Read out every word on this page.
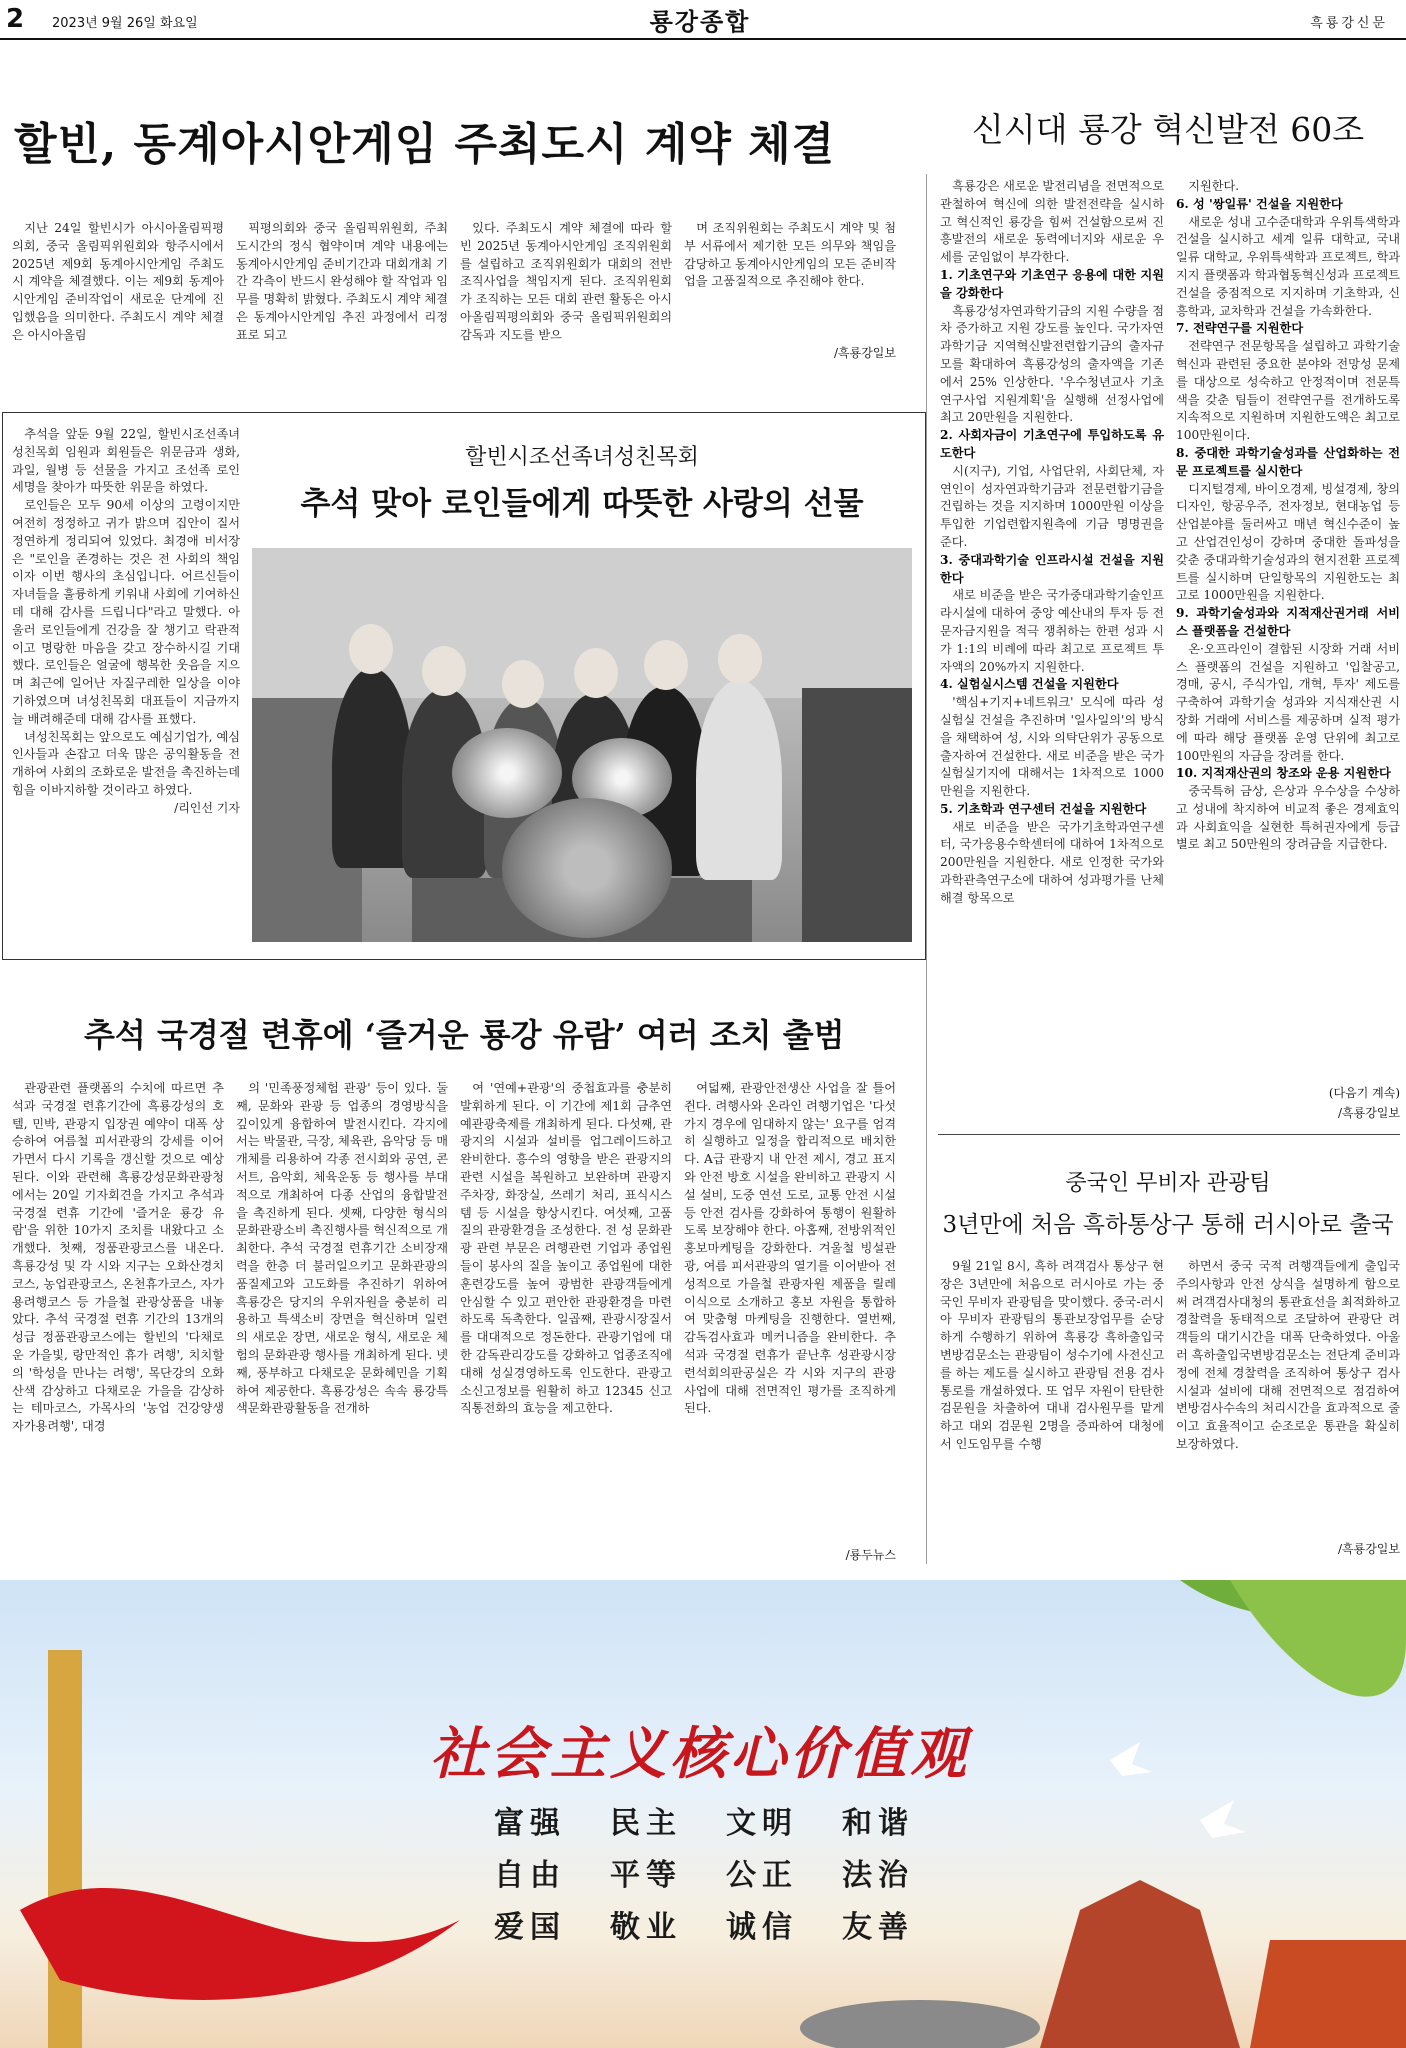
2 2023년 9월 26일 화요일	룡강종합	흑룡강신문
할빈, 동계아시안게임 주최도시 계약 체결

지난 24일 할빈시가 아시아올림픽평의회, 중국 올림픽위원회와 항주시에서 2025년 제9회 동계아시안게임 주최도시 계약을 체결했다. 이는 제9회 동계아시안게임 준비작업이 새로운 단계에 진입했음을 의미한다. 주최도시 계약 체결은 아시아올림

픽평의회와 중국 올림픽위원회, 주최도시간의 정식 협약이며 계약 내용에는 동계아시안게임 준비기간과 대회개최 기간 각측이 반드시 완성해야 할 작업과 임무를 명확히 밝혔다. 주최도시 계약 체결은 동계아시안게임 추진 과정에서 리정표로 되고

있다. 주최도시 계약 체결에 따라 할빈 2025년 동계아시안게임 조직위원회를 설립하고 조직위원회가 대회의 전반 조직사업을 책임지게 된다. 조직위원회가 조직하는 모든 대회 관련 활동은 아시아올림픽평의회와 중국 올림픽위원회의 감독과 지도를 받으

며 조직위원회는 주최도시 계약 및 첨부 서류에서 제기한 모든 의무와 책임을 감당하고 동계아시안게임의 모든 준비작업을 고품질적으로 추진해야 한다.

/흑룡강일보

추석을 앞둔 9월 22일, 할빈시조선족녀성친목회 임원과 회원들은 위문금과 생화, 과일, 월병 등 선물을 가지고 조선족 로인 세명을 찾아가 따뜻한 위문을 하였다.

로인들은 모두 90세 이상의 고령이지만 여전히 정정하고 귀가 밝으며 집안이 질서정연하게 정리되여 있었다. 최경애 비서장은 "로인을 존경하는 것은 전 사회의 책임이자 이번 행사의 초심입니다. 어르신들이 자녀들을 훌륭하게 키워내 사회에 기여하신데 대해 감사를 드립니다"라고 말했다. 아울러 로인들에게 건강을 잘 챙기고 락관적이고 명랑한 마음을 갖고 장수하시길 기대했다. 로인들은 얼굴에 행복한 웃음을 지으며 최근에 일어난 자질구레한 일상을 이야기하였으며 녀성친목회 대표들이 지금까지 늘 배려해준데 대해 감사를 표했다.

녀성친목회는 앞으로도 예심기업가, 예심인사들과 손잡고 더욱 많은 공익활동을 전개하여 사회의 조화로운 발전을 촉진하는데 힘을 이바지하할 것이라고 하였다.

/리인선 기자
할빈시조선족녀성친목회
추석 맞아 로인들에게 따뜻한 사랑의 선물
추석 국경절 련휴에 ‘즐거운 룡강 유람’ 여러 조치 출범

관광관련 플랫폼의 수치에 따르면 추석과 국경절 련휴기간에 흑룡강성의 호텔, 민박, 관광지 입장권 예약이 대폭 상승하여 여름철 피서관광의 강세를 이어가면서 다시 기록을 갱신할 것으로 예상된다. 이와 관련해 흑룡강성문화관광청에서는 20일 기자회견을 가지고 추석과 국경절 련휴 기간에 '즐거운 룡강 유람'을 위한 10가지 조치를 내왔다고 소개했다. 첫째, 정품관광코스를 내온다. 흑룡강성 및 각 시와 지구는 오화산경치코스, 농업관광코스, 온천휴가코스, 자가용려행코스 등 가을철 관광상품을 내놓았다. 추석 국경절 련휴 기간의 13개의 성급 정품관광코스에는 할빈의 '다채로운 가을빛, 랑만적인 휴가 려행', 치치할의 '학성을 만나는 려행', 목단강의 오화산색 감상하고 다채로운 가을을 감상하는 테마코스, 가목사의 '농업 건강양생 자가용려행', 대경

의 '민족풍정체험 관광' 등이 있다. 둘째, 문화와 관광 등 업종의 경영방식을 깊이있게 융합하여 발전시킨다. 각지에서는 박물관, 극장, 체육관, 음악당 등 매개체를 리용하여 각종 전시회와 공연, 콘서트, 음악회, 체육운동 등 행사를 부대적으로 개최하여 다종 산업의 융합발전을 촉진하게 된다. 셋째, 다양한 형식의 문화관광소비 촉진행사를 혁신적으로 개최한다. 추석 국경절 련휴기간 소비장재력을 한층 더 불러일으키고 문화관광의 품질제고와 고도화를 추진하기 위하여 흑룡강은 당지의 우위자원을 충분히 리용하고 특색소비 장면을 혁신하며 일련의 새로운 장면, 새로운 형식, 새로운 체험의 문화관광 행사를 개최하게 된다. 넷째, 풍부하고 다채로운 문화혜민을 기획하여 제공한다. 흑룡강성은 속속 룡강특색문화관광활동을 전개하

여 '연예+관광'의 중첩효과를 충분히 발휘하게 된다. 이 기간에 제1회 금추연예관광축제를 개최하게 된다. 다섯째, 관광지의 시설과 설비를 업그레이드하고 완비한다. 흥수의 영향을 받은 관광지의 관련 시설을 복원하고 보완하며 관광지 주차장, 화장실, 쓰레기 처리, 표식시스템 등 시설을 향상시킨다. 여섯째, 고품질의 관광환경을 조성한다. 전 성 문화관광 관련 부문은 려행관련 기업과 종업원들이 봉사의 질을 높이고 종업원에 대한 훈련강도를 높여 광범한 관광객들에게 안심할 수 있고 편안한 관광환경을 마련하도록 독촉한다. 일곱째, 관광시장질서를 대대적으로 정돈한다. 관광기업에 대한 감독관리강도를 강화하고 업종조직에 대해 성실경영하도록 인도한다. 관광고소신고정보를 원활히 하고 12345 신고직통전화의 효능을 제고한다.

여덟째, 관광안전생산 사업을 잘 틀어쥔다. 려행사와 온라인 려행기업은 '다섯가지 경우에 임대하지 않는' 요구를 엄격히 실행하고 일정을 합리적으로 배치한다. A급 관광지 내 안전 제시, 경고 표지와 안전 방호 시설을 완비하고 관광지 시설 설비, 도중 연선 도로, 교통 안전 시설 등 안전 검사를 강화하여 통행이 원활하도록 보장해야 한다. 아홉째, 전방위적인 홍보마케팅을 강화한다. 겨울철 빙설관광, 여름 피서관광의 열기를 이어받아 전성적으로 가을철 관광자원 제품을 릴레이식으로 소개하고 홍보 자원을 통합하여 맞춤형 마케팅을 진행한다. 열번째, 감독검사효과 메커니즘을 완비한다. 추석과 국경절 련휴가 끝난후 성관광시장련석회의판공실은 각 시와 지구의 관광사업에 대해 전면적인 평가를 조직하게 된다.

/룡두뉴스
신시대 룡강 혁신발전 60조

흑룡강은 새로운 발전리념을 전면적으로 관철하여 혁신에 의한 발전전략을 실시하고 혁신적인 룡강을 힘써 건설함으로써 진흥발전의 새로운 동력에너지와 새로운 우세를 굳임없이 부각한다.

1. 기초연구와 기초연구 응용에 대한 지원을 강화한다

흑룡강성자연과학기금의 지원 수량을 점차 증가하고 지원 강도를 높인다. 국가자연과학기금 지역혁신발전련합기금의 출자규모를 확대하여 흑룡강성의 출자액을 기존에서 25% 인상한다. '우수청년교사 기초연구사업 지원계획'을 실행해 선정사업에 최고 20만원을 지원한다.

2. 사회자금이 기초연구에 투입하도록 유도한다

시(지구), 기업, 사업단위, 사회단체, 자연인이 성자연과학기금과 전문련합기금을 건립하는 것을 지지하며 1000만원 이상을 투입한 기업련합지원측에 기금 명명권을 준다.

3. 중대과학기술 인프라시설 건설을 지원한다

새로 비준을 받은 국가중대과학기술인프라시설에 대하여 중앙 예산내의 투자 등 전문자금지원을 적극 쟁취하는 한편 성과 시가 1:1의 비례에 따라 최고로 프로젝트 투자액의 20%까지 지원한다.

4. 실험실시스템 건설을 지원한다

'핵심+기지+네트워크' 모식에 따라 성실험실 건설을 추진하며 '일사일의'의 방식을 채택하여 성, 시와 의탁단위가 공동으로 출자하여 건설한다. 새로 비준을 받은 국가실험실기지에 대해서는 1차적으로 1000만원을 지원한다.

5. 기초학과 연구센터 건설을 지원한다

새로 비준을 받은 국가기초학과연구센터, 국가응용수학센터에 대하여 1차적으로 200만원을 지원한다. 새로 인정한 국가와과학관측연구소에 대하여 성과평가를 난체해결 항목으로

지원한다.

6. 성 '쌍일류' 건설을 지원한다

새로운 성내 고수준대학과 우위특색학과 건설을 실시하고 세계 일류 대학교, 국내 일류 대학교, 우위특색학과 프로젝트, 학과지지 플랫폼과 학과협동혁신성과 프로젝트 건설을 중점적으로 지지하며 기초학과, 신흥학과, 교차학과 건설을 가속화한다.

7. 전략연구를 지원한다

전략연구 전문항목을 설립하고 과학기술혁신과 관련된 중요한 분야와 전망성 문제를 대상으로 성숙하고 안정적이며 전문특색을 갖춘 팀들이 전략연구를 전개하도록 지속적으로 지원하며 지원한도액은 최고로 100만원이다.

8. 중대한 과학기술성과를 산업화하는 전문 프로젝트를 실시한다

디지털경제, 바이오경제, 빙설경제, 창의디자인, 항공우주, 전자정보, 현대농업 등 산업분야를 둘러싸고 매년 혁신수준이 높고 산업견인성이 강하며 중대한 돌파성을 갖춘 중대과학기술성과의 현지전환 프로젝트를 실시하며 단일항목의 지원한도는 최고로 1000만원을 지원한다.

9. 과학기술성과와 지적재산권거래 서비스 플랫폼을 건설한다

온·오프라인이 결합된 시장화 거래 서비스 플랫폼의 건설을 지원하고 '입찰공고, 경매, 공시, 주식가입, 개혁, 투자' 제도를 구축하여 과학기술 성과와 지식재산권 시장화 거래에 서비스를 제공하며 실적 평가에 따라 해당 플랫폼 운영 단위에 최고로 100만원의 자금을 장려를 한다.

10. 지적재산권의 창조와 운용 지원한다

중국특허 금상, 은상과 우수상을 수상하고 성내에 착지하여 비교적 좋은 경제효익과 사회효익을 실현한 특허권자에게 등급별로 최고 50만원의 장려금을 지급한다.

(다음기 계속)
/흑룡강일보
중국인 무비자 관광팀
3년만에 처음 흑하통상구 통해 러시아로 출국

9월 21일 8시, 흑하 려객검사 통상구 현장은 3년만에 처음으로 러시아로 가는 중국인 무비자 관광팀을 맞이했다. 중국-러시아 무비자 관광팀의 통관보장업무를 순당하게 수행하기 위하여 흑룡강 흑하출입국변방검문소는 관광팀이 성수기에 사전신고를 하는 제도를 실시하고 관광팀 전용 검사통로를 개설하였다. 또 업무 자원이 탄탄한 검문원을 차출하여 대내 검사원무를 맡게 하고 대외 검문원 2명을 증파하여 대청에서 인도임무를 수행

하면서 중국 국적 려행객들에게 출입국 주의사항과 안전 상식을 설명하게 함으로써 려객검사대청의 통관효선을 최적화하고 경찰력을 동태적으로 조달하여 관광단 려객들의 대기시간을 대폭 단축하였다. 아울러 흑하출입국변방검문소는 전단계 준비과정에 전체 경찰력을 조직하여 통상구 검사시설과 설비에 대해 전면적으로 점검하여 변방검사수속의 처리시간을 효과적으로 줄이고 효율적이고 순조로운 통관을 확실히 보장하였다.

/흑룡강일보
社会主义核心价值观
富强 民主 文明 和谐
自由 平等 公正 法治
爱国 敬业 诚信 友善
